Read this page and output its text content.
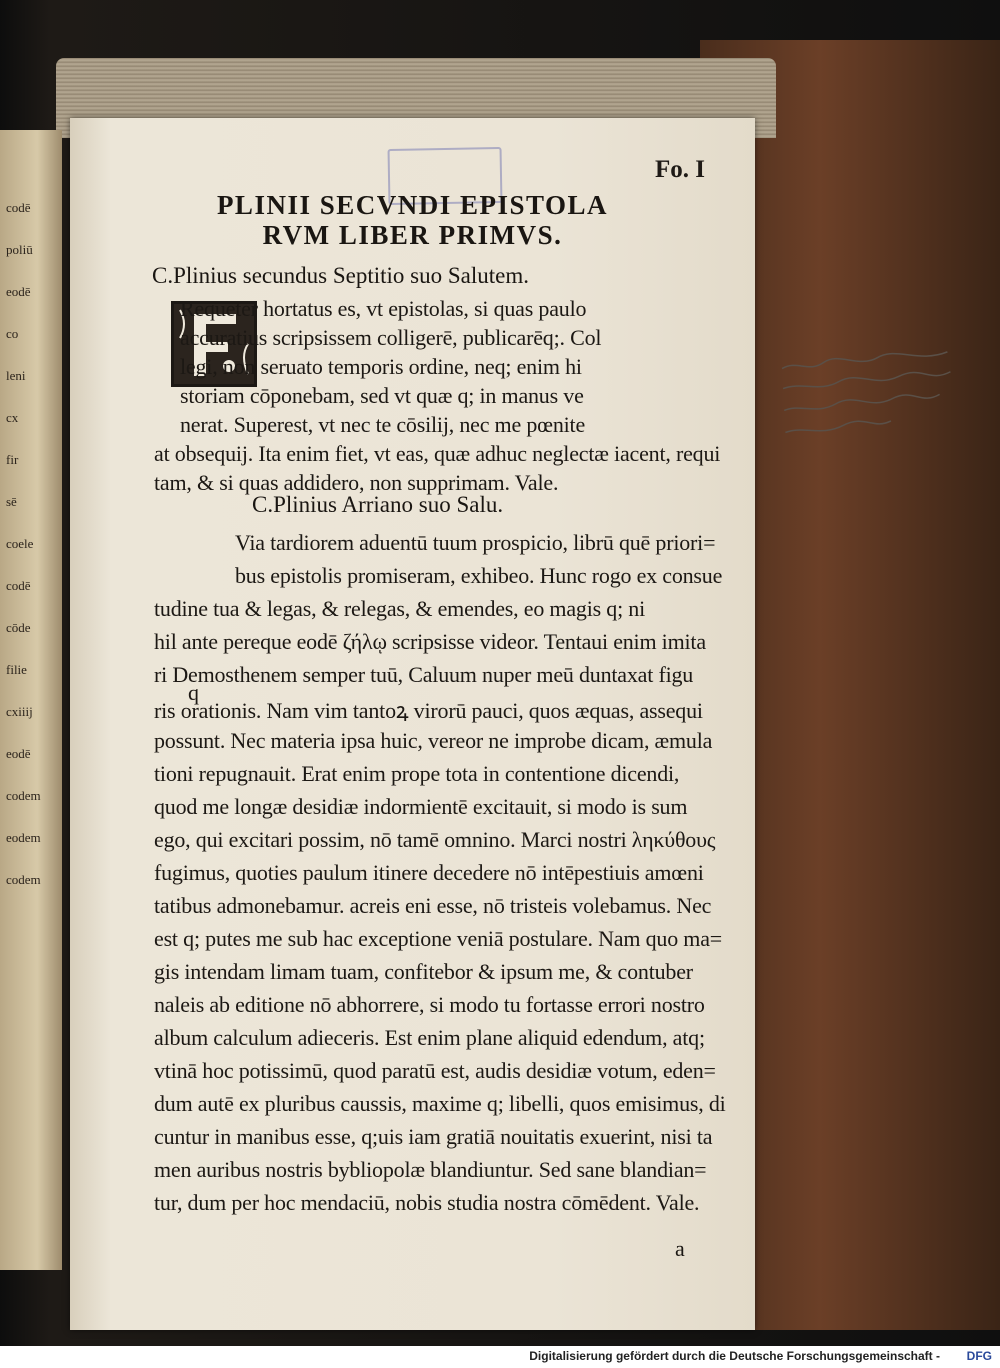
codē
poliū
eodē
co
leni
cx
fir
sē
coele
codē
cōde
filie
cxiiij
eodē
codem
eodem
codem
Fo. I
PLINII SECVNDI EPISTOLA
RVM LIBER PRIMVS.
C.Plinius secundus Septitio suo Salutem.
Requēter hortatus es, vt epistolas, si quas paulo
accuratius scripsissem colligerē, publicarēq;. Col
legi, non seruato temporis ordine, neq; enim hi
storiam cōponebam, sed vt quæ q; in manus ve
nerat. Superest, vt nec te cōsilij, nec me pœnite
at obsequij. Ita enim fiet, vt eas, quæ adhuc neglectæ iacent, requi
tam, & si quas addidero, non supprimam. Vale.
C.Plinius Arriano suo Salu.
q
Via tardiorem aduentū tuum prospicio, librū quē priori=
bus epistolis promiseram, exhibeo. Hunc rogo ex consue
tudine tua & legas, & relegas, & emendes, eo magis q; ni
hil ante pereque eodē ζήλῳ scripsisse videor. Tentaui enim imita
ri Demosthenem semper tuū, Caluum nuper meū duntaxat figu
ris orationis. Nam vim tantoꝝ virorū pauci, quos æquas, assequi
possunt. Nec materia ipsa huic, vereor ne improbe dicam, æmula
tioni repugnauit. Erat enim prope tota in contentione dicendi,
quod me longæ desidiæ indormientē excitauit, si modo is sum
ego, qui excitari possim, nō tamē omnino. Marci nostri ληκύθους
fugimus, quoties paulum itinere decedere nō intēpestiuis amœni
tatibus admonebamur. acreis eni esse, nō tristeis volebamus. Nec
est q; putes me sub hac exceptione veniā postulare. Nam quo ma=
gis intendam limam tuam, confitebor & ipsum me, & contuber
naleis ab editione nō abhorrere, si modo tu fortasse errori nostro
album calculum adieceris. Est enim plane aliquid edendum, atq;
vtinā hoc potissimū, quod paratū est, audis desidiæ votum, eden=
dum autē ex pluribus caussis, maxime q; libelli, quos emisimus, di
cuntur in manibus esse, q;uis iam gratiā nouitatis exuerint, nisi ta
men auribus nostris bybliopolæ blandiuntur. Sed sane blandian=
tur, dum per hoc mendaciū, nobis studia nostra cōmēdent. Vale.
a
Digitalisierung gefördert durch die Deutsche Forschungsgemeinschaft - DFG
